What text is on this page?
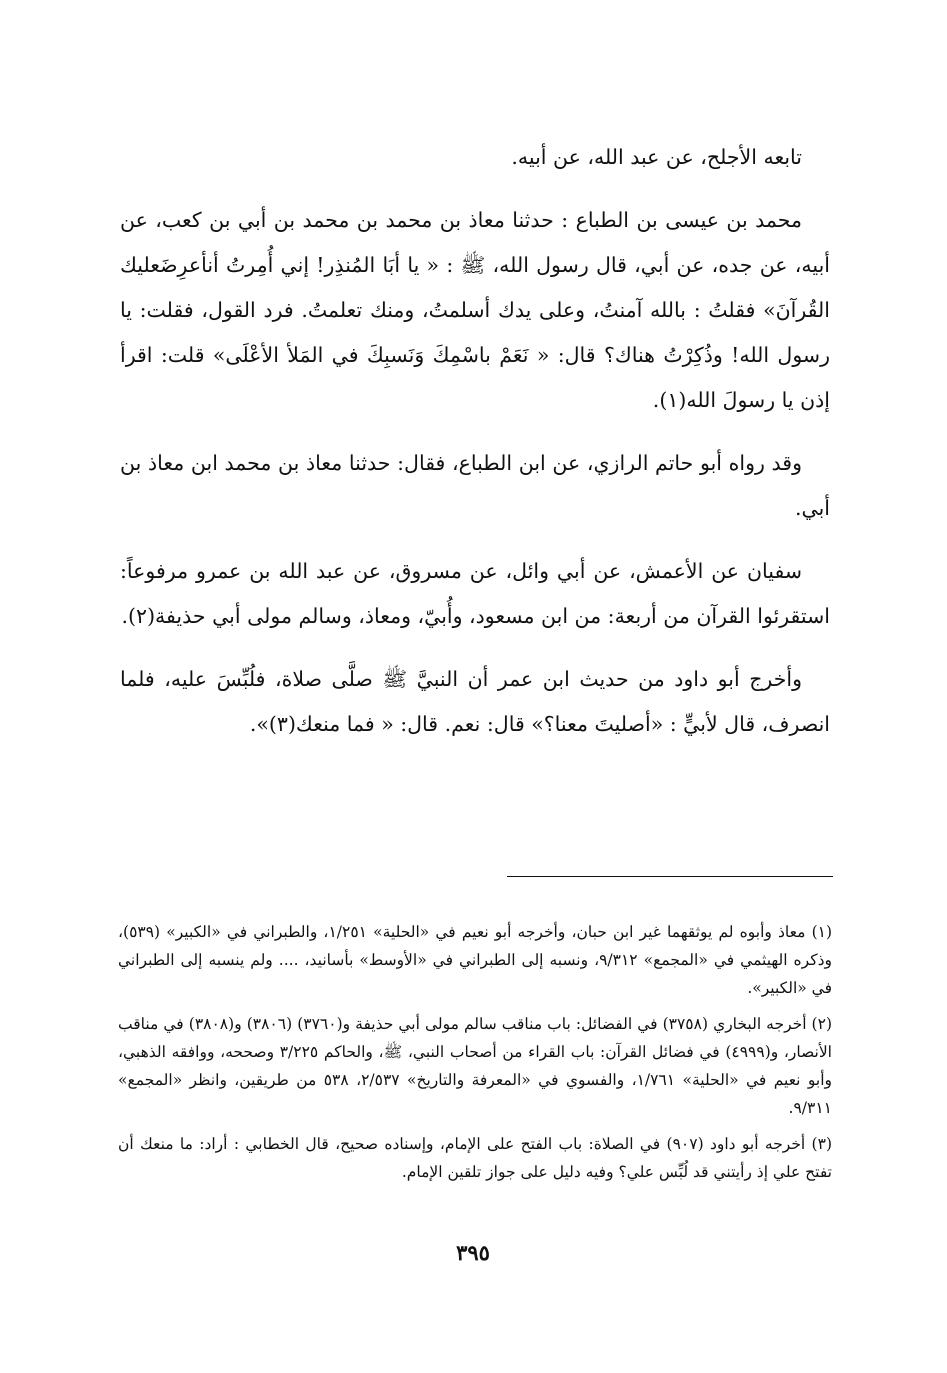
تابعه الأجلح، عن عبد الله، عن أبيه.

محمد بن عيسى بن الطباع : حدثنا معاذ بن محمد بن محمد بن أبي بن كعب، عن أبيه، عن جده، عن أبي، قال رسول الله، ﷺ : « يا أبَا المُنذِر! إني أُمِرتُ أنأعرِضَعليك القُرآنَ» فقلتُ : بالله آمنتُ، وعلى يدك أسلمتُ، ومنك تعلمتُ. فرد القول، فقلت: يا رسول الله! وذُكِرْتُ هناك؟ قال: « نَعَمْ باسْمِكَ وَنَسبِكَ في المَلأ الأعْلَى» قلت: اقرأ إذن يا رسولَ الله(١).

وقد رواه أبو حاتم الرازي، عن ابن الطباع، فقال: حدثنا معاذ بن محمد ابن معاذ بن أبي.

سفيان عن الأعمش، عن أبي وائل، عن مسروق، عن عبد الله بن عمرو مرفوعاً: استقرئوا القرآن من أربعة: من ابن مسعود، وأُبيّ، ومعاذ، وسالم مولى أبي حذيفة(٢).

وأخرج أبو داود من حديث ابن عمر أن النبيَّ ﷺ صلَّى صلاة، فلُبِّسَ عليه، فلما انصرف، قال لأبيٍّ : «أصليتَ معنا؟» قال: نعم. قال: « فما منعك(٣)».

(١) معاذ وأبوه لم يوثقهما غير ابن حبان، وأخرجه أبو نعيم في «الحلية» ١/٢٥١، والطبراني في «الكبير» (٥٣٩)، وذكره الهيثمي في «المجمع» ٩/٣١٢، ونسبه إلى الطبراني في «الأوسط» بأسانيد، .... ولم ينسبه إلى الطبراني في «الكبير».

(٢) أخرجه البخاري (٣٧٥٨) في الفضائل: باب مناقب سالم مولى أبي حذيفة و(٣٧٦٠) (٣٨٠٦) و(٣٨٠٨) في مناقب الأنصار، و(٤٩٩٩) في فضائل القرآن: باب القراء من أصحاب النبي، ﷺ، والحاكم ٣/٢٢٥ وصححه، ووافقه الذهبي، وأبو نعيم في «الحلية» ١/٧٦١، والفسوي في «المعرفة والتاريخ» ٢/٥٣٧، ٥٣٨ من طريقين، وانظر «المجمع» ٩/٣١١.

(٣) أخرجه أبو داود (٩٠٧) في الصلاة: باب الفتح على الإمام، وإسناده صحيح، قال الخطابي : أراد: ما منعك أن تفتح علي إذ رأيتني قد لُبِّس علي؟ وفيه دليل على جواز تلقين الإمام.

٣٩٥
